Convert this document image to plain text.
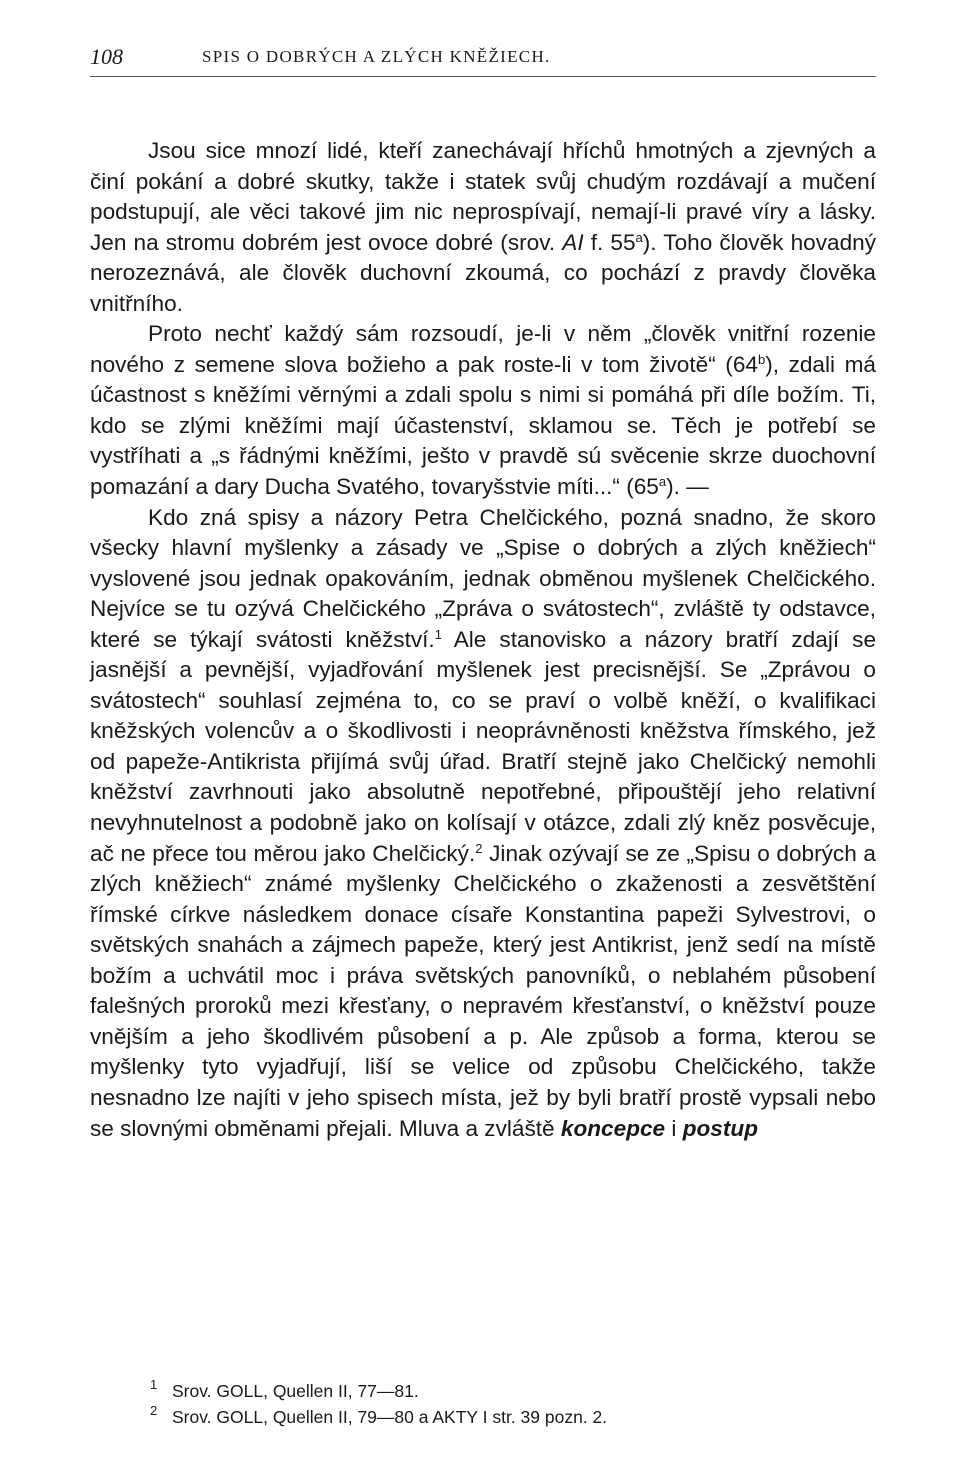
108	SPIS O DOBRÝCH A ZLÝCH KNĚŽIECH.

Jsou sice mnozí lidé, kteří zanechávají hříchů hmotných a zjevných a činí pokání a dobré skutky, takže i statek svůj chudým rozdávají a mučení podstupují, ale věci takové jim nic neprospívají, nemají-li pravé víry a lásky. Jen na stromu dobrém jest ovoce dobré (srov. AI f. 55$^a$). Toho člověk hovadný nerozeznává, ale člověk duchovní zkoumá, co pochází z pravdy člověka vnitřního.

Proto nechť každý sám rozsoudí, je-li v něm „člověk vnitřní rozenie nového z semene slova božieho a pak roste-li v tom životě“ (64$^b$), zdali má účastnost s kněžími věrnými a zdali spolu s nimi si pomáhá při díle božím. Ti, kdo se zlými kněžími mají účastenství, sklamou se. Těch je potřebí se vystříhati a „s řádnými kněžími, ješto v pravdě sú svěcenie skrze duochovní pomazání a dary Ducha Svatého, tovaryšstvie míti...“ (65$^a$). —

Kdo zná spisy a názory Petra Chelčického, pozná snadno, že skoro všecky hlavní myšlenky a zásady ve „Spise o dobrých a zlých kněžiech“ vyslovené jsou jednak opakováním, jednak obměnou myšlenek Chelčického. Nejvíce se tu ozývá Chelčického „Zpráva o svátostech“, zvláště ty odstavce, které se týkají svátosti kněžství.$^1$ Ale stanovisko a názory bratří zdají se jasnější a pevnější, vyjadřování myšlenek jest precisnější. Se „Zprávou o svátostech“ souhlasí zejména to, co se praví o volbě kněží, o kvalifikaci kněžských volencův a o škodlivosti i neoprávněnosti kněžstva římského, jež od papeže-Antikrista přijímá svůj úřad. Bratří stejně jako Chelčický nemohli kněžství zavrhnouti jako absolutně nepotřebné, připouštějí jeho relativní nevyhnutelnost a podobně jako on kolísají v otázce, zdali zlý kněz posvěcuje, ač ne přece tou měrou jako Chelčický.$^2$ Jinak ozývají se ze „Spisu o dobrých a zlých kněžiech“ známé myšlenky Chelčického o zkaženosti a zesvětštění římské církve následkem donace císaře Konstantina papeži Sylvestrovi, o světských snahách a zájmech papeže, který jest Antikrist, jenž sedí na místě božím a uchvátil moc i práva světských panovníků, o neblahém působení falešných proroků mezi křesťany, o nepravém křesťanství, o kněžství pouze vnějším a jeho škodlivém působení a p. Ale způsob a forma, kterou se myšlenky tyto vyjadřují, liší se velice od způsobu Chelčického, takže nesnadno lze najíti v jeho spisech místa, jež by byli bratří prostě vypsali nebo se slovnými obměnami přejali. Mluva a zvláště koncepce i postup

$^1$ Srov. GOLL, Quellen II, 77—81.
$^2$ Srov. GOLL, Quellen II, 79—80 a AKTY I str. 39 pozn. 2.
